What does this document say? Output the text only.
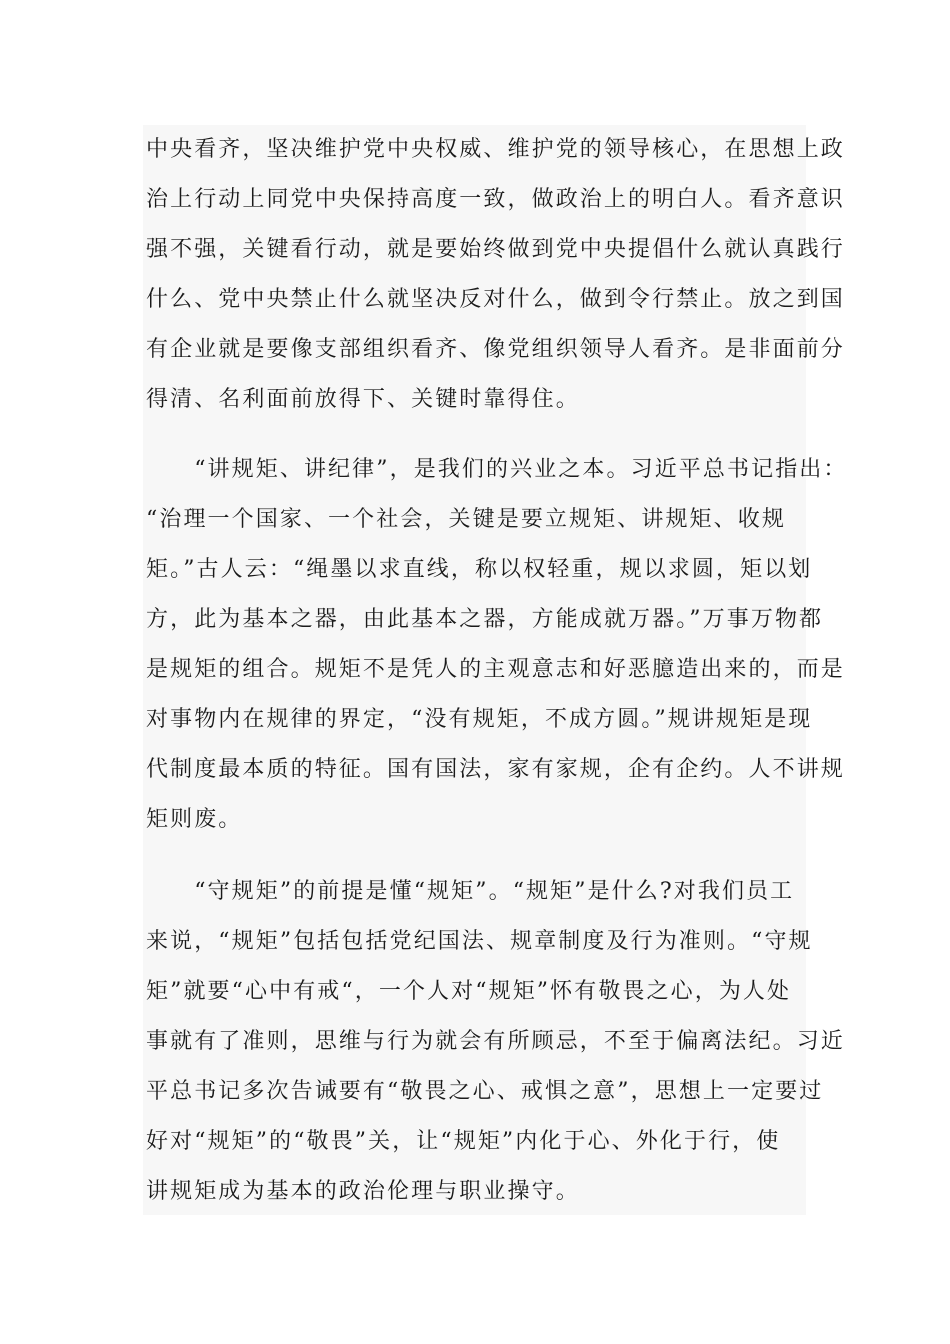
中央看齐，坚决维护党中央权威、维护党的领导核心，在思想上政
治上行动上同党中央保持高度一致，做政治上的明白人。看齐意识
强不强，关键看行动，就是要始终做到党中央提倡什么就认真践行
什么、党中央禁止什么就坚决反对什么，做到令行禁止。放之到国
有企业就是要像支部组织看齐、像党组织领导人看齐。是非面前分
得清、名利面前放得下、关键时靠得住。
　　“讲规矩、讲纪律”，是我们的兴业之本。习近平总书记指出：
“治理一个国家、一个社会，关键是要立规矩、讲规矩、收规
矩。”古人云：“绳墨以求直线，称以权轻重，规以求圆，矩以划
方，此为基本之器，由此基本之器，方能成就万器。”万事万物都
是规矩的组合。规矩不是凭人的主观意志和好恶臆造出来的，而是
对事物内在规律的界定，“没有规矩，不成方圆。”规讲规矩是现
代制度最本质的特征。国有国法，家有家规，企有企约。人不讲规
矩则废。
　　“守规矩”的前提是懂“规矩”。“规矩”是什么?对我们员工
来说，“规矩”包括包括党纪国法、规章制度及行为准则。“守规
矩”就要“心中有戒“，一个人对“规矩”怀有敬畏之心，为人处
事就有了准则，思维与行为就会有所顾忌，不至于偏离法纪。习近
平总书记多次告诫要有“敬畏之心、戒惧之意”，思想上一定要过
好对“规矩”的“敬畏”关，让“规矩”内化于心、外化于行，使
讲规矩成为基本的政治伦理与职业操守。
